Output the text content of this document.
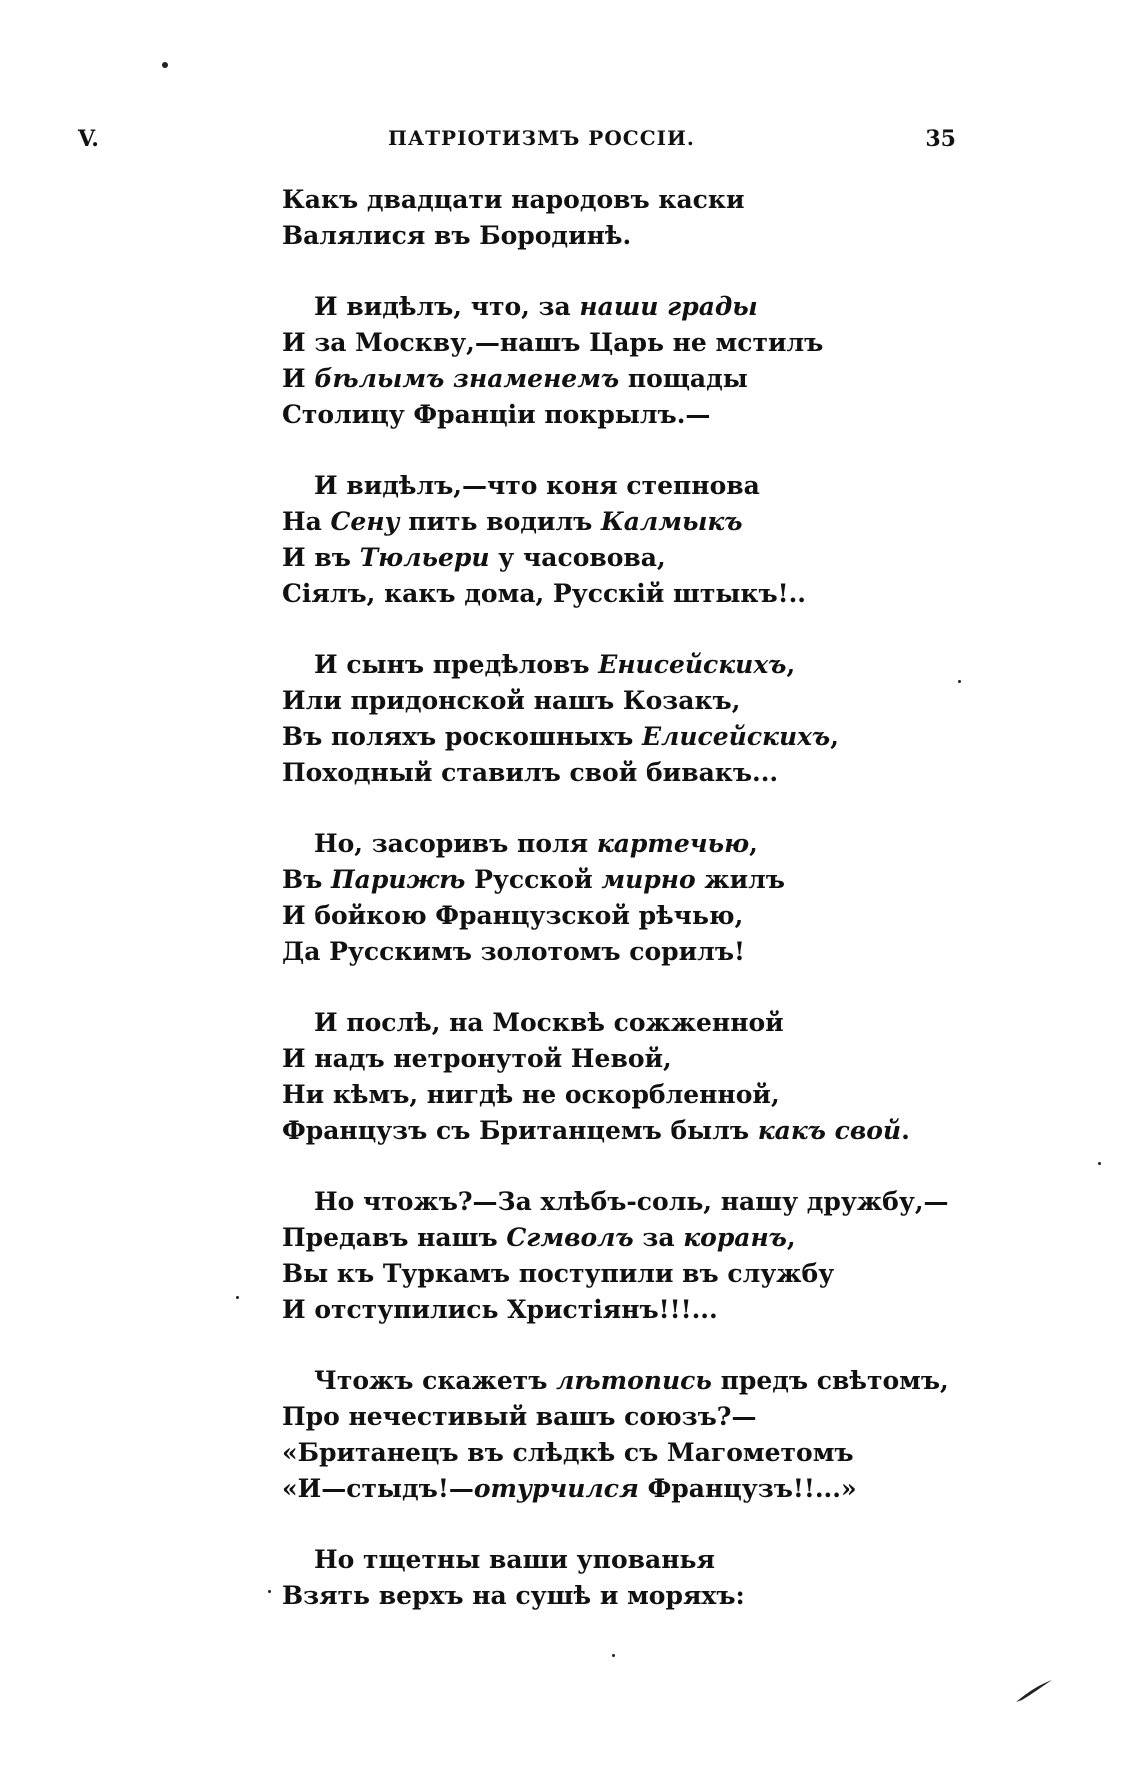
V.	ПАТРІОТИЗМЪ РОССІИ.	35
Какъ двадцати народовъ каски
Валялися въ Бородинѣ.
И видѣлъ, что, за наши грады
И за Москву,—нашъ Царь не мстилъ
И бѣлымъ знаменемъ пощады
Столицу Франціи покрылъ.—
И видѣлъ,—что коня степнова
На Сену пить водилъ Калмыкъ
И въ Тюльери у часовова,
Сіялъ, какъ дома, Русскій штыкъ!..
И сынъ предѣловъ Енисейскихъ,
Или придонской нашъ Козакъ,
Въ поляхъ роскошныхъ Елисейскихъ,
Походный ставилъ свой бивакъ...
Но, засоривъ поля картечью,
Въ Парижѣ Русской мирно жилъ
И бойкою Французской рѣчью,
Да Русскимъ золотомъ сорилъ!
И послѣ, на Москвѣ сожженной
И надъ нетронутой Невой,
Ни кѣмъ, нигдѣ не оскорбленной,
Французъ съ Британцемъ былъ какъ свой.
Но чтожъ?—За хлѣбъ-соль, нашу дружбу,—
Предавъ нашъ Сгмволъ за коранъ,
Вы къ Туркамъ поступили въ службу
И отступились Христіянъ!!!...
Чтожъ скажетъ лѣтопись предъ свѣтомъ,
Про нечестивый вашъ союзъ?—
«Британецъ въ слѣдкѣ съ Магометомъ
«И—стыдъ!—отурчился Французъ!!...»
Но тщетны ваши упованья
Взять верхъ на сушѣ и моряхъ:
